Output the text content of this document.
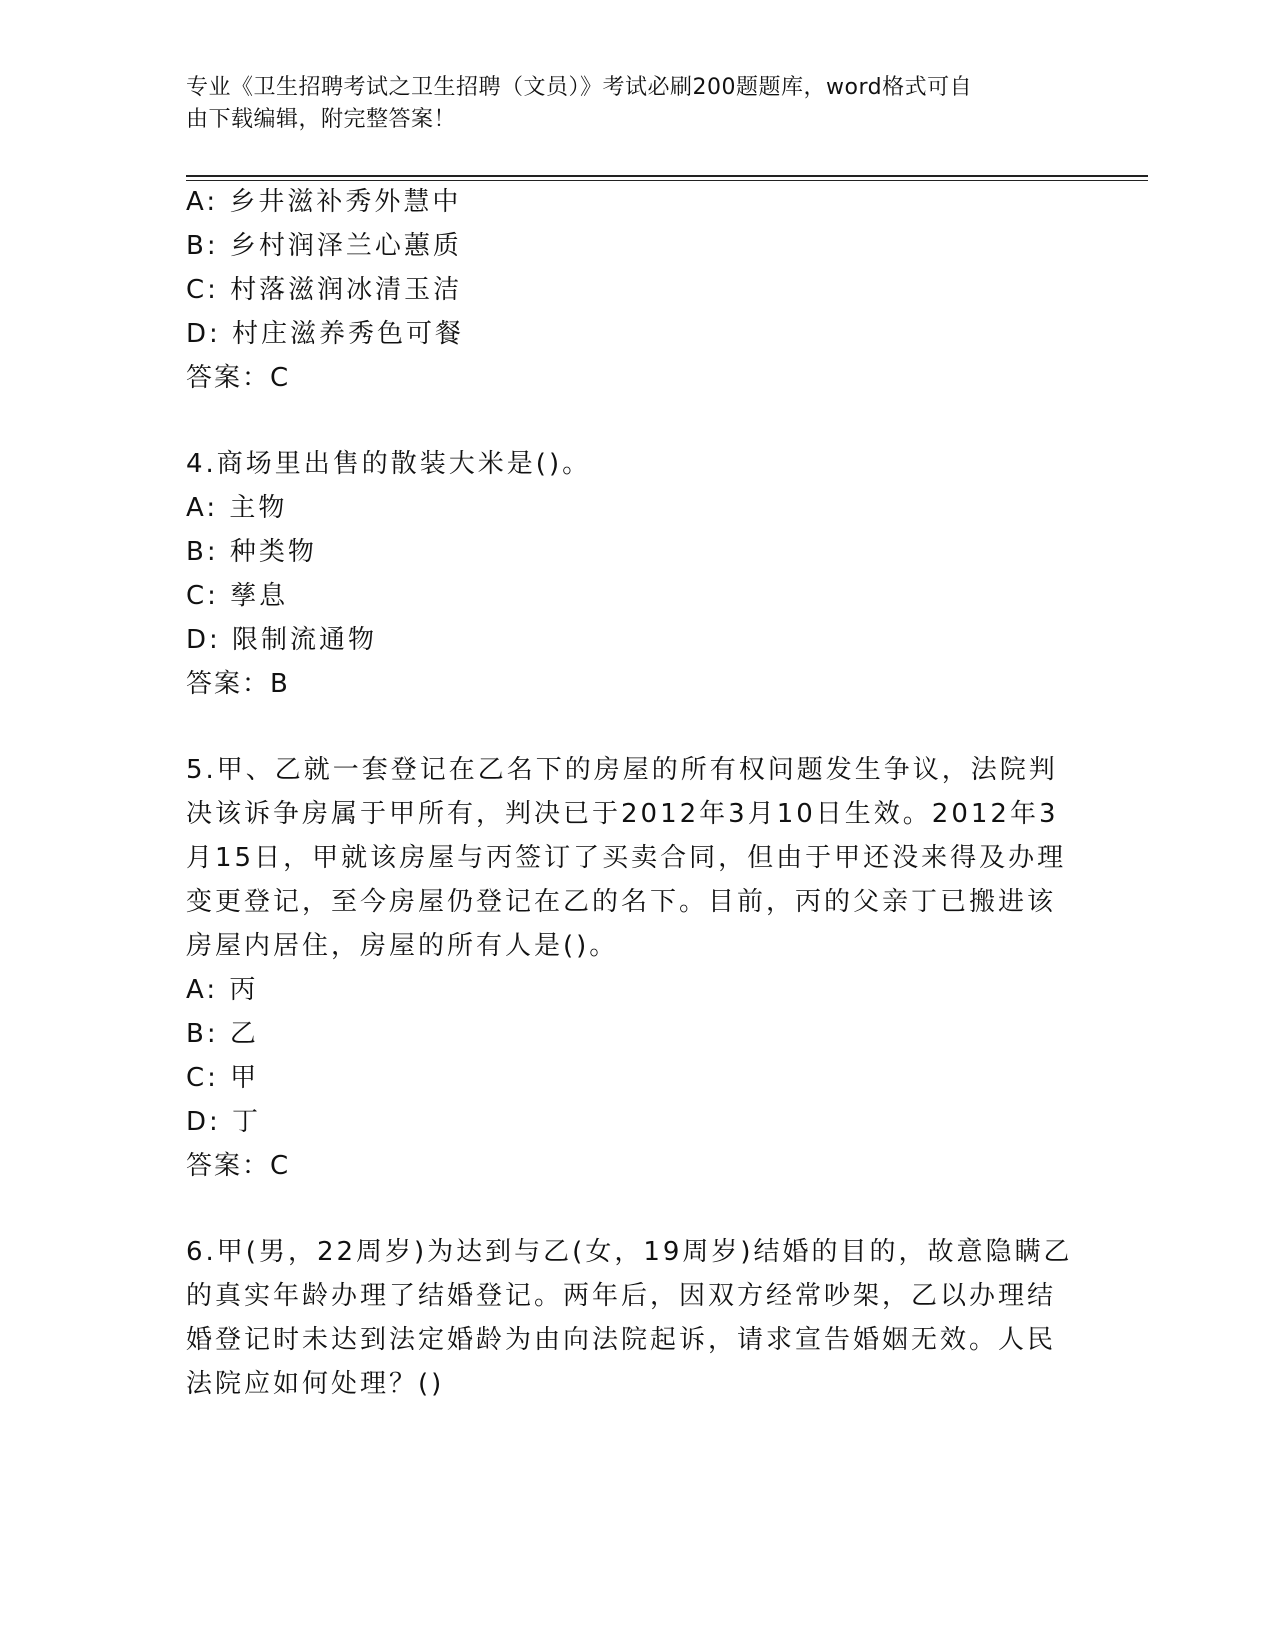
专业《卫生招聘考试之卫生招聘（文员）》考试必刷200题题库，word格式可自
由下载编辑，附完整答案！

A: 乡井滋补秀外慧中

B: 乡村润泽兰心蕙质

C: 村落滋润冰清玉洁

D: 村庄滋养秀色可餐

答案：C

4.商场里出售的散装大米是()。

A: 主物

B: 种类物

C: 孳息

D: 限制流通物

答案：B

5.甲、乙就一套登记在乙名下的房屋的所有权问题发生争议，法院判

决该诉争房属于甲所有，判决已于2012年3月10日生效。2012年3

月15日，甲就该房屋与丙签订了买卖合同，但由于甲还没来得及办理

变更登记，至今房屋仍登记在乙的名下。目前，丙的父亲丁已搬进该

房屋内居住，房屋的所有人是()。

A: 丙

B: 乙

C: 甲

D: 丁

答案：C

6.甲(男，22周岁)为达到与乙(女，19周岁)结婚的目的，故意隐瞒乙

的真实年龄办理了结婚登记。两年后，因双方经常吵架，乙以办理结

婚登记时未达到法定婚龄为由向法院起诉，请求宣告婚姻无效。人民

法院应如何处理？()
